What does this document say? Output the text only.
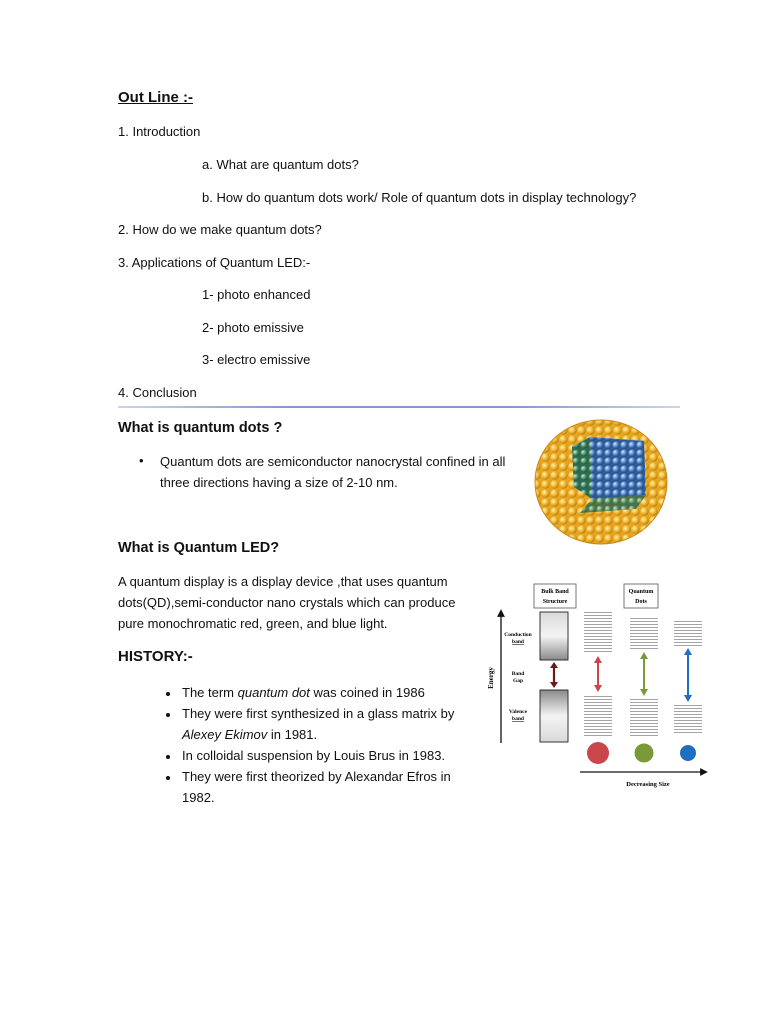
Out Line :-
1. Introduction
a. What are quantum dots?
b. How do quantum dots work/ Role of quantum dots in display technology?
2. How do we make quantum dots?
3. Applications of Quantum LED:-
1- photo enhanced
2- photo emissive
3- electro emissive
4. Conclusion
What is quantum dots ?
• Quantum dots are semiconductor nanocrystal confined in all three directions having a size of 2-10 nm.
What is Quantum LED?
A quantum display is a display device ,that uses quantum dots(QD),semi-conductor nano crystals which can produce pure monochromatic red, green, and blue light.
HISTORY:-
• The term quantum dot was coined in 1986
• They were first synthesized in a glass matrix by Alexey Ekimov in 1981.
• In colloidal suspension by Louis Brus in 1983.
• They were first theorized by Alexandar Efros in 1982.
Bulk Band
Structure
Quantum
Dots
Energy
Decreasing Size
Conduction
band
Band
Gap
Valence
band
